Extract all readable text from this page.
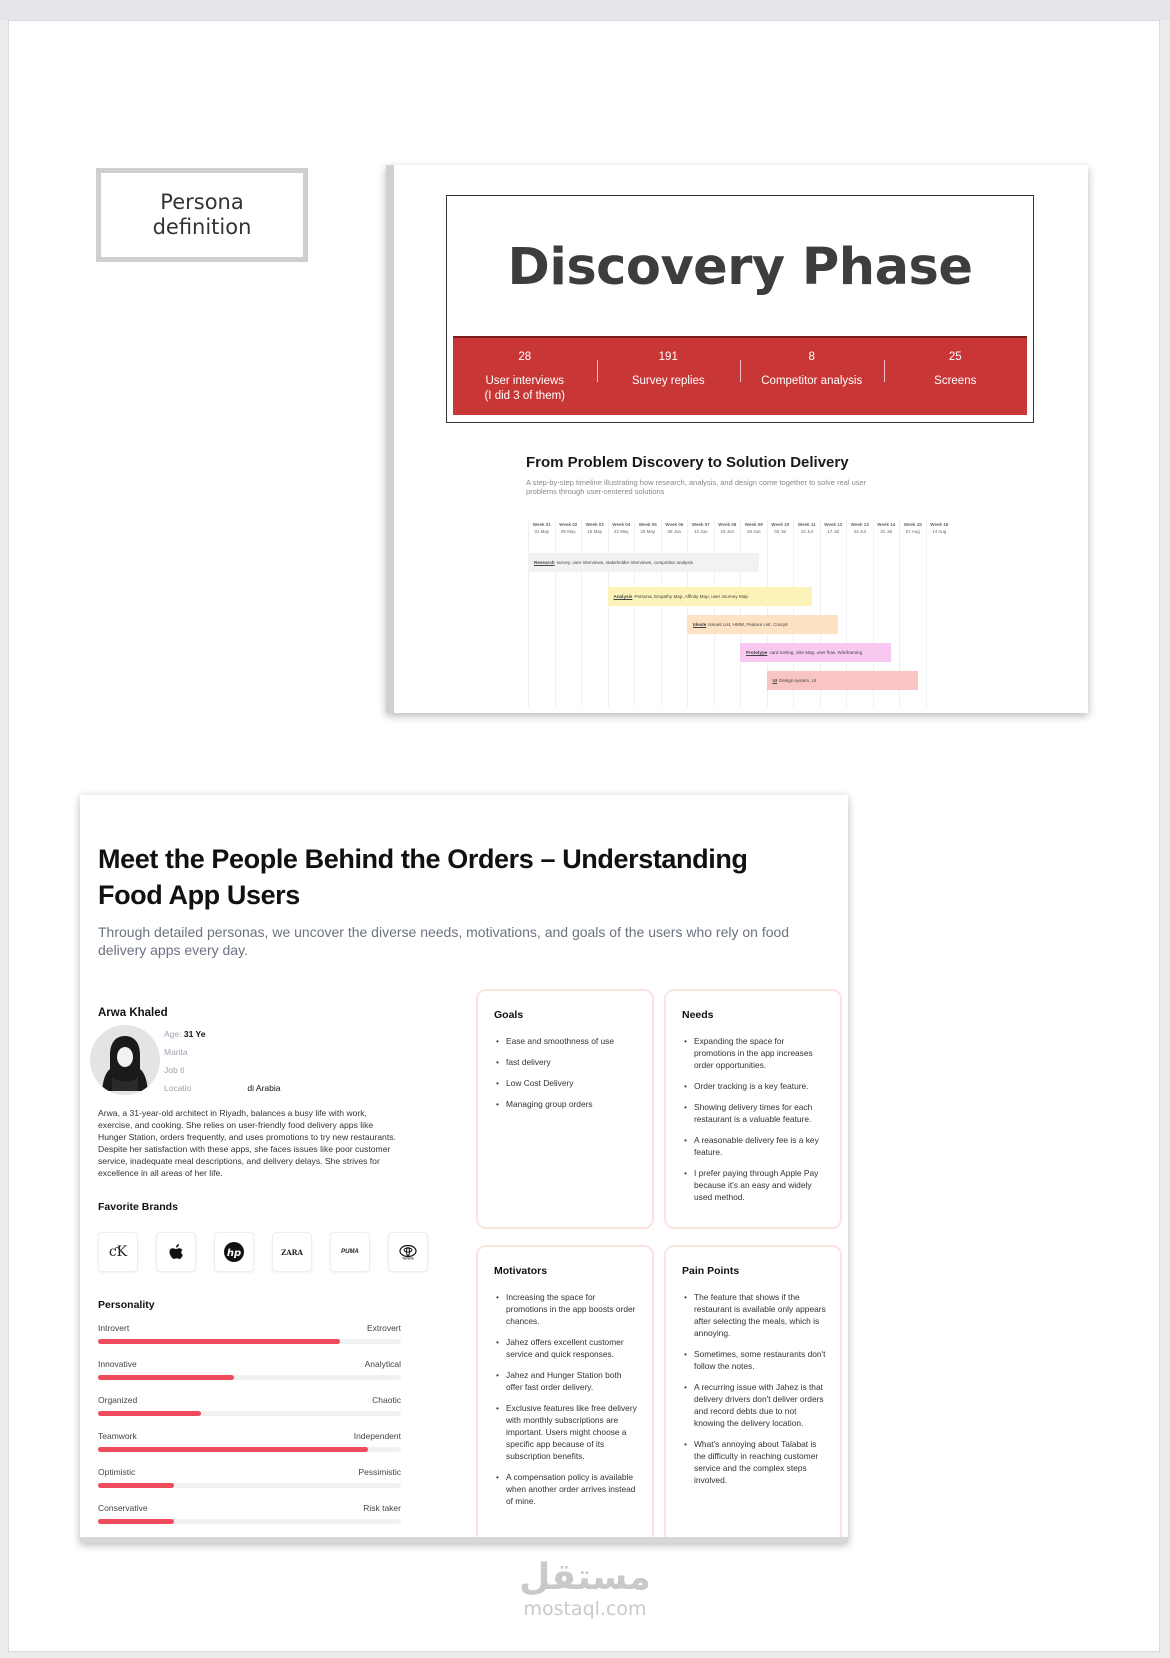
Persona definition
Discovery Phase
28
User interviews
(I did 3 of them)
191
Survey replies

8
Competitor analysis

25
Screens

From Problem Discovery to Solution Delivery
A step-by-step timeline illustrating how research, analysis, and design come together to solve real user problems through user-centered solutions
Week 01
31 May
Week 02
09 May
Week 03
15 May
Week 04
22 May
Week 05
29 May
Week 06
05 Jun
Week 07
12 Jun
Week 08
19 Jun
Week 09
26 Jun
Week 10
03 Jul
Week 11
10 Jul
Week 12
17 Jul
Week 13
24 Jul
Week 14
31 Jul
Week 15
07 Aug
Week 16
14 Aug
Research survey, user interviews, stakeholder interviews, competitor analysis
Analysis Persona, Empathy Map, Affinity Map, user Journey Map
Ideate Issues List, HMW, Feature List, Crazy8
Prototype card sorting, Site Map, user flow, Wireframing
UI Design system, UI
Meet the People Behind the Orders – Understanding Food App Users
Through detailed personas, we uncover the diverse needs, motivations, and goals of the users who rely on food delivery apps every day.
Arwa Khaled
Age: 31 Ye
Marita
Job ti
Locatio	di Arabia
Arwa, a 31-year-old architect in Riyadh, balances a busy life with work, exercise, and cooking. She relies on user-friendly food delivery apps like Hunger Station, orders frequently, and uses promotions to try new restaurants. Despite her satisfaction with these apps, she faces issues like poor customer service, inadequate meal descriptions, and delivery delays. She strives for excellence in all areas of her life.
Favorite Brands
ƈK	hp	ZARA	PUMA
TOYOTA
Personality
Introvert	Extrovert
Innovative	Analytical
Organized	Chaotic
Teamwork	Independent
Optimistic	Pessimistic
Conservative	Risk taker
Goals
• Ease and smoothness of use
• fast delivery
• Low Cost Delivery
• Managing group orders
Needs
• Expanding the space for promotions in the app increases order opportunities.
• Order tracking is a key feature.
• Showing delivery times for each restaurant is a valuable feature.
• A reasonable delivery fee is a key feature.
• I prefer paying through Apple Pay because it's an easy and widely used method.
Motivators
• Increasing the space for promotions in the app boosts order chances.
• Jahez offers excellent customer service and quick responses.
• Jahez and Hunger Station both offer fast order delivery.
• Exclusive features like free delivery with monthly subscriptions are important. Users might choose a specific app because of its subscription benefits.
• A compensation policy is available when another order arrives instead of mine.
Pain Points
• The feature that shows if the restaurant is available only appears after selecting the meals, which is annoying.
• Sometimes, some restaurants don't follow the notes.
• A recurring issue with Jahez is that delivery drivers don't deliver orders and record debts due to not knowing the delivery location.
• What's annoying about Talabat is the difficulty in reaching customer service and the complex steps involved.
مستقل
mostaql.com
